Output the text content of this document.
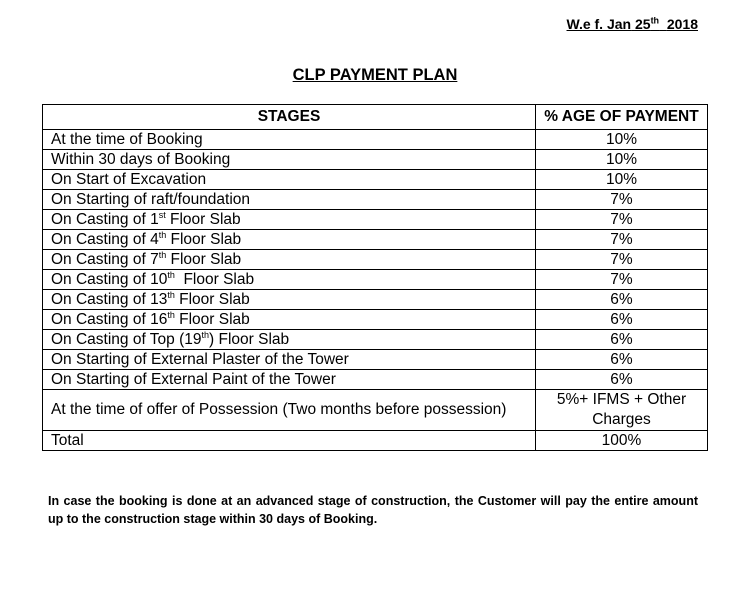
W.e f. Jan 25th 2018
CLP PAYMENT PLAN
STAGES	% AGE OF PAYMENT
At the time of Booking	10%
Within 30 days of Booking	10%
On Start of Excavation	10%
On Starting of raft/foundation	7%
On Casting of 1st Floor Slab	7%
On Casting of 4th Floor Slab	7%
On Casting of 7th Floor Slab	7%
On Casting of 10th  Floor Slab	7%
On Casting of 13th Floor Slab	6%
On Casting of 16th Floor Slab	6%
On Casting of Top (19th) Floor Slab	6%
On Starting of External Plaster of the Tower	6%
On Starting of External Paint of the Tower	6%
At the time of offer of Possession (Two months before possession)	5%+ IFMS + Other Charges
Total	100%
In case the booking is done at an advanced stage of construction, the Customer will pay the entire amount up to the construction stage within 30 days of Booking.
